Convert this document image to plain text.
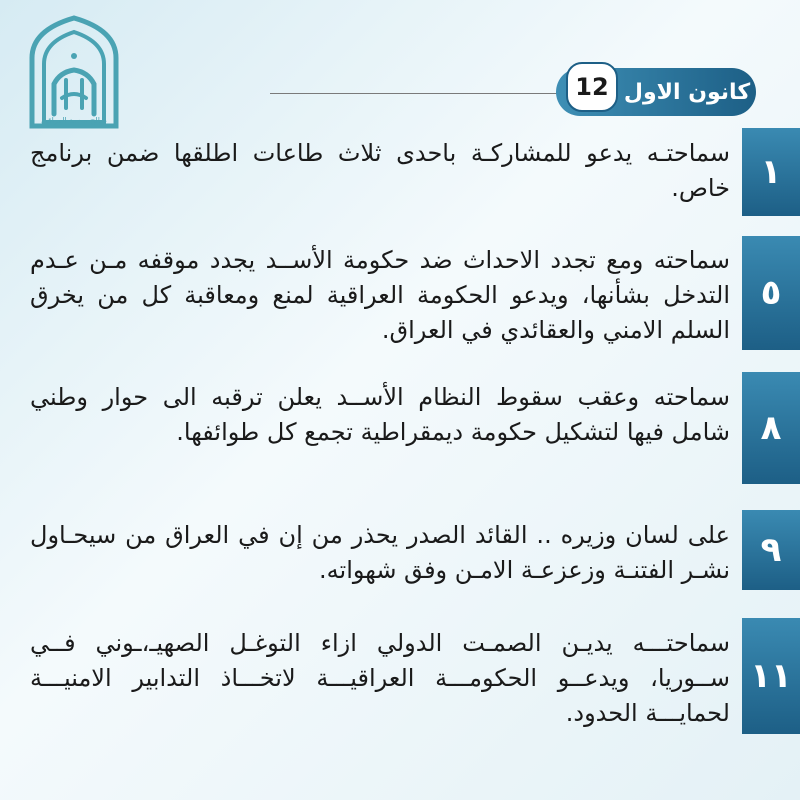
صالح محمد العراقي
كانون الاول
12
١
سماحتـه يدعو للمشاركـة باحدى ثلاث طاعات اطلقها ضمن برنامج خاص.
٥
سماحته ومع تجدد الاحداث ضد حكومة الأســد يجدد موقفه مـن عـدم التدخل بشأنها، ويدعو الحكومة العراقية لمنع ومعاقبة كل من يخرق السلم الامني والعقائدي في العراق.
٨
سماحته وعقب سقوط النظام الأســد يعلن ترقبه الى حوار وطني شامل فيها لتشكيل حكومة ديمقراطية تجمع كل طوائفها.
٩
على لسان وزيره .. القائد الصدر يحذر من إن في العراق من سيحـاول نشـر الفتنـة وزعزعـة الامـن وفق شهواته.
١١
سماحتـــه يديـن الصمـت الدولي ازاء التوغـل الصهيـ،ـوني فــي ســوريا، ويدعــو الحكومـــة العراقيـــة لاتخـــاذ التدابير الامنيـــة لحمايـــة الحدود.
